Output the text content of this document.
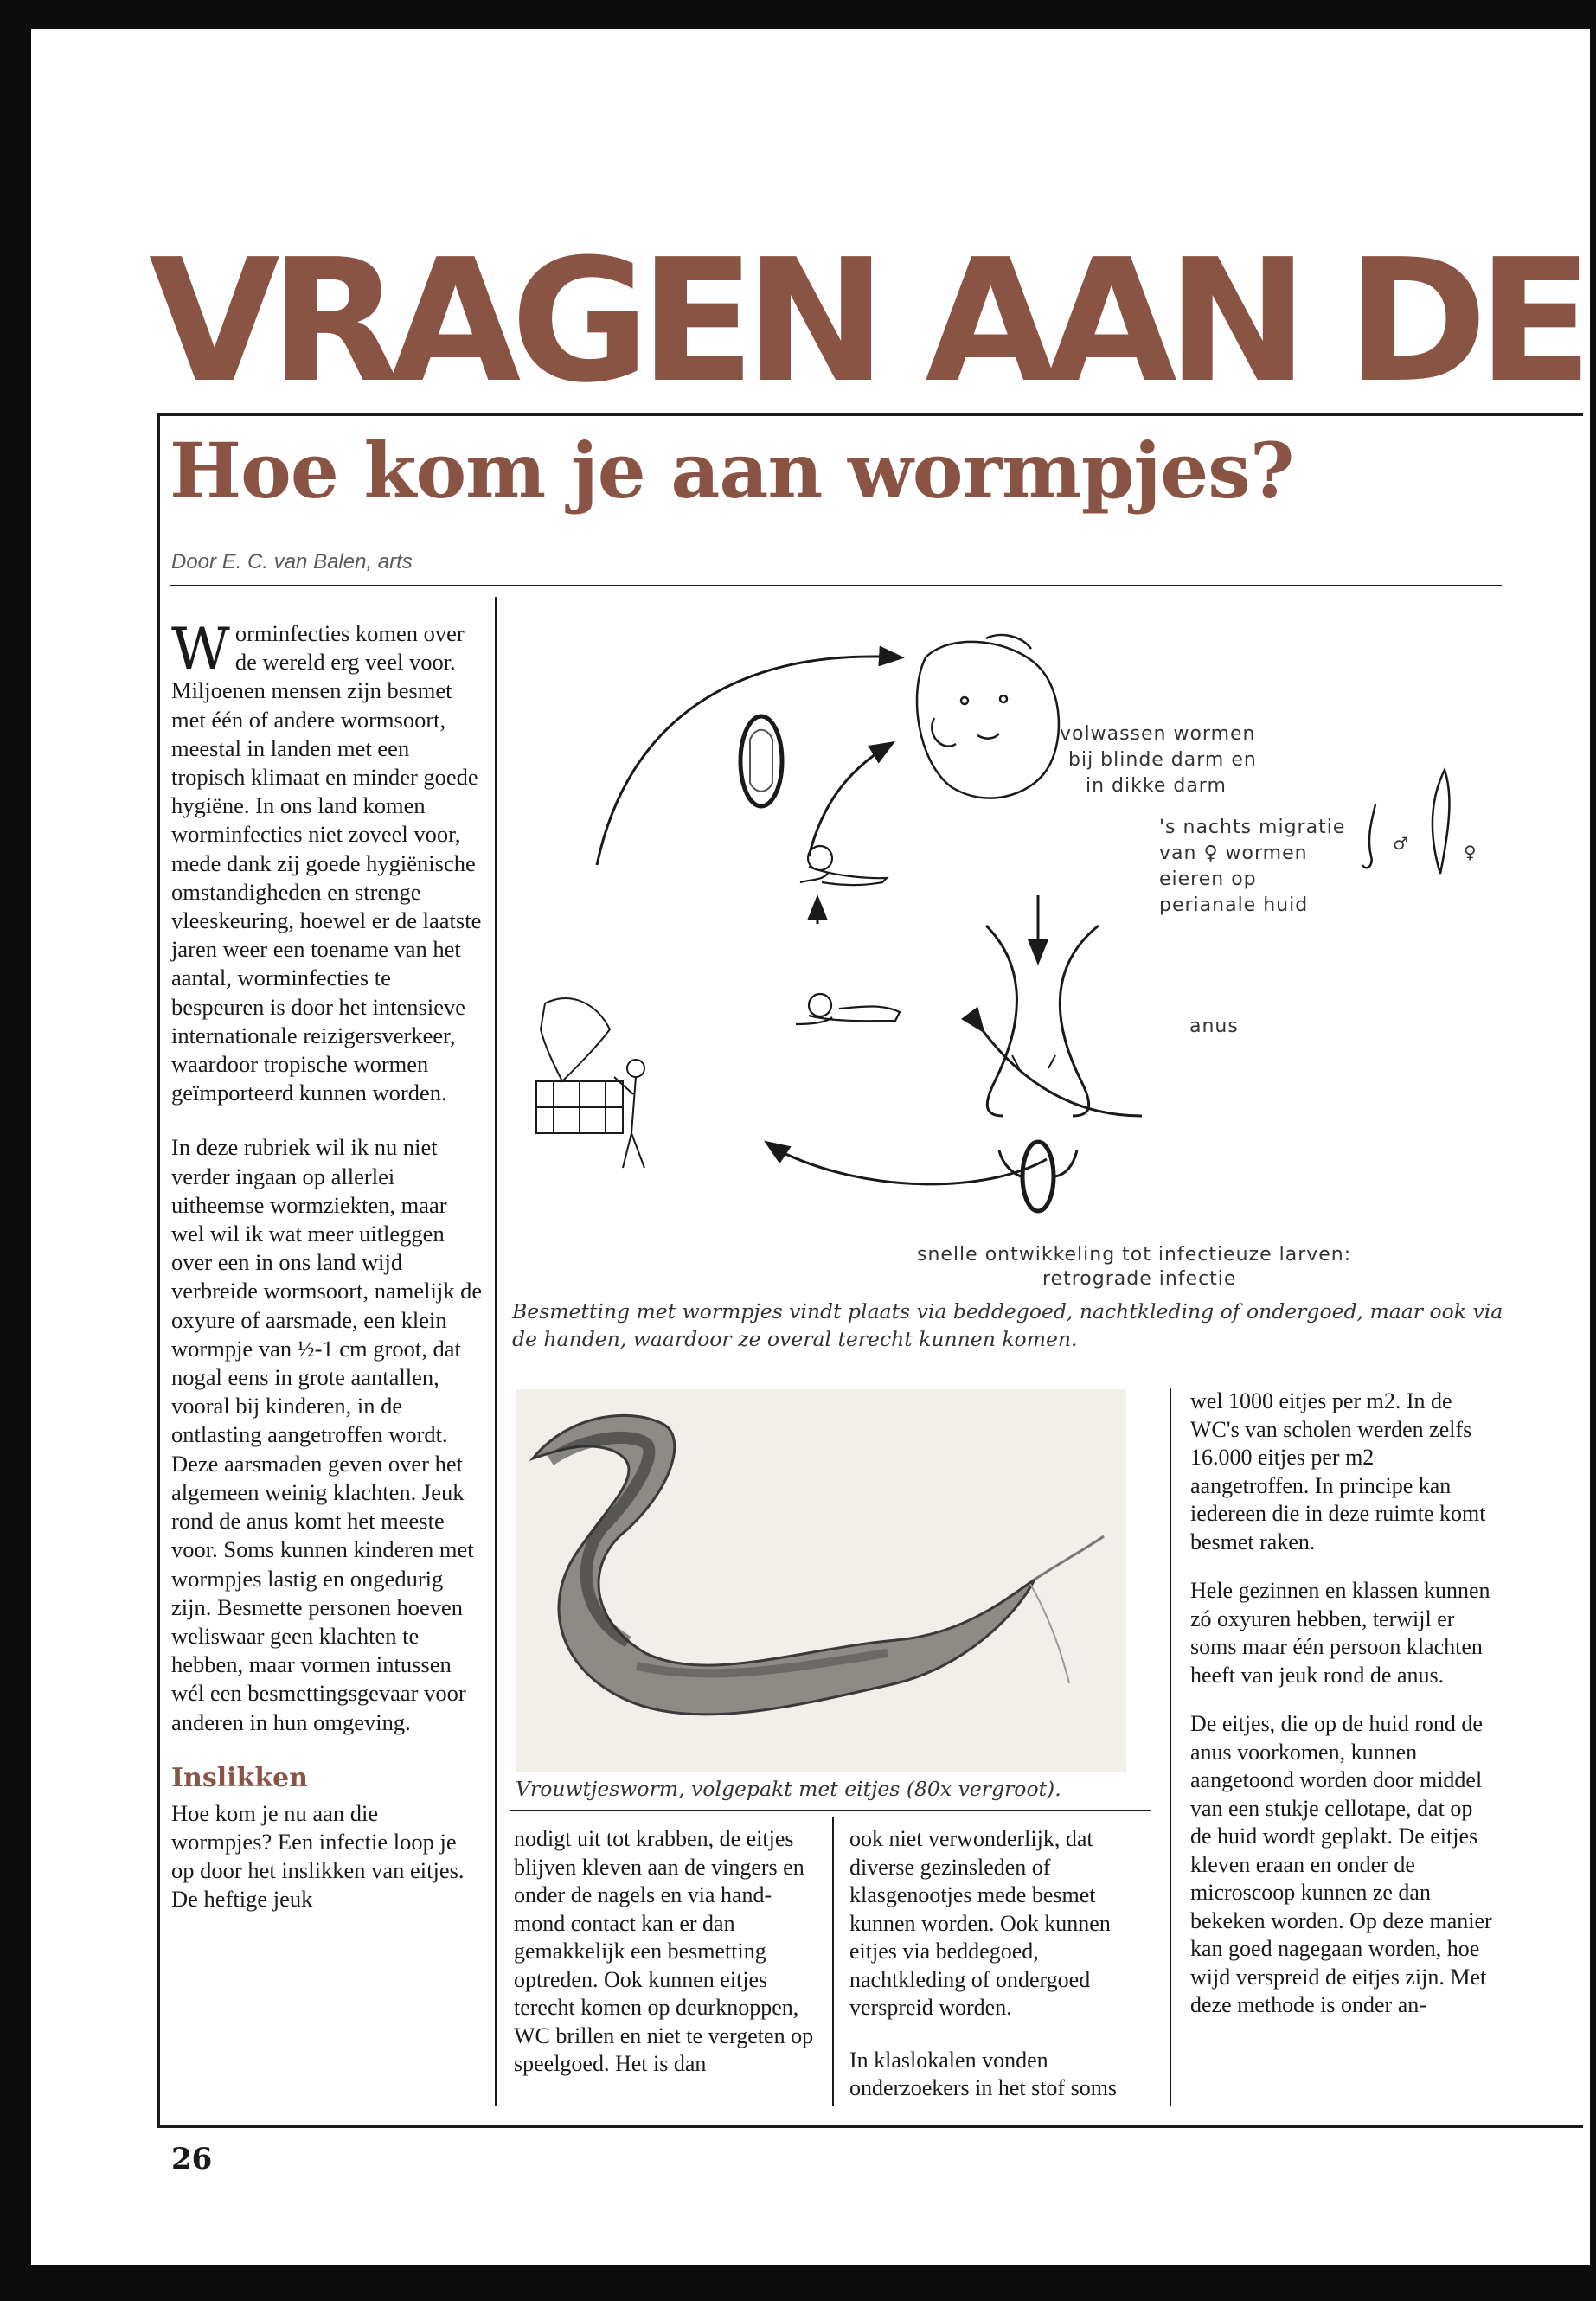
VRAGEN AAN DE
Hoe kom je aan wormpjes?
Door E. C. van Balen, arts

Worminfecties komen over de wereld erg veel voor. Miljoenen mensen zijn besmet met één of andere wormsoort, meestal in landen met een tropisch klimaat en minder goede hygiëne. In ons land komen worminfecties niet zoveel voor, mede dank zij goede hygiënische omstandigheden en strenge vleeskeuring, hoewel er de laatste jaren weer een toename van het aantal, worminfecties te bespeuren is door het intensieve internationale reizigersverkeer, waardoor tropische wormen geïmporteerd kunnen worden.

In deze rubriek wil ik nu niet verder ingaan op allerlei uitheemse wormziekten, maar wel wil ik wat meer uitleggen over een in ons land wijd verbreide wormsoort, namelijk de oxyure of aarsmade, een klein wormpje van ½-1 cm groot, dat nogal eens in grote aantallen, vooral bij kinderen, in de ontlasting aangetroffen wordt. Deze aarsmaden geven over het algemeen weinig klachten. Jeuk rond de anus komt het meeste voor. Soms kunnen kinderen met wormpjes lastig en ongedurig zijn. Besmette personen hoeven weliswaar geen klachten te hebben, maar vormen intussen wél een besmettingsgevaar voor anderen in hun omgeving.

Inslikken

Hoe kom je nu aan die wormpjes? Een infectie loop je op door het inslikken van eitjes. De heftige jeuk

volwassen wormen
bij blinde darm en
in dikke darm
's nachts migratie
van ♀ wormen
eieren op
perianale huid
anus
snelle ontwikkeling tot infectieuze larven:
retrograde infectie
♂	♀
Besmetting met wormpjes vindt plaats via beddegoed, nachtkleding of ondergoed, maar ook via de handen, waardoor ze overal terecht kunnen komen.
Vrouwtjesworm, volgepakt met eitjes (80x vergroot).

nodigt uit tot krabben, de eitjes blijven kleven aan de vingers en onder de nagels en via hand-mond contact kan er dan gemakkelijk een besmetting optreden. Ook kunnen eitjes terecht komen op deurknoppen, WC brillen en niet te vergeten op speelgoed. Het is dan

ook niet verwonderlijk, dat diverse gezinsleden of klasgenootjes mede besmet kunnen worden. Ook kunnen eitjes via beddegoed, nachtkleding of ondergoed verspreid worden.

In klaslokalen vonden onderzoekers in het stof soms

wel 1000 eitjes per m2. In de WC's van scholen werden zelfs 16.000 eitjes per m2 aangetroffen. In principe kan iedereen die in deze ruimte komt besmet raken.

Hele gezinnen en klassen kunnen zó oxyuren hebben, terwijl er soms maar één persoon klachten heeft van jeuk rond de anus.

De eitjes, die op de huid rond de anus voorkomen, kunnen aangetoond worden door middel van een stukje cellotape, dat op de huid wordt geplakt. De eitjes kleven eraan en onder de microscoop kunnen ze dan bekeken worden. Op deze manier kan goed nagegaan worden, hoe wijd verspreid de eitjes zijn. Met deze methode is onder an-

26
